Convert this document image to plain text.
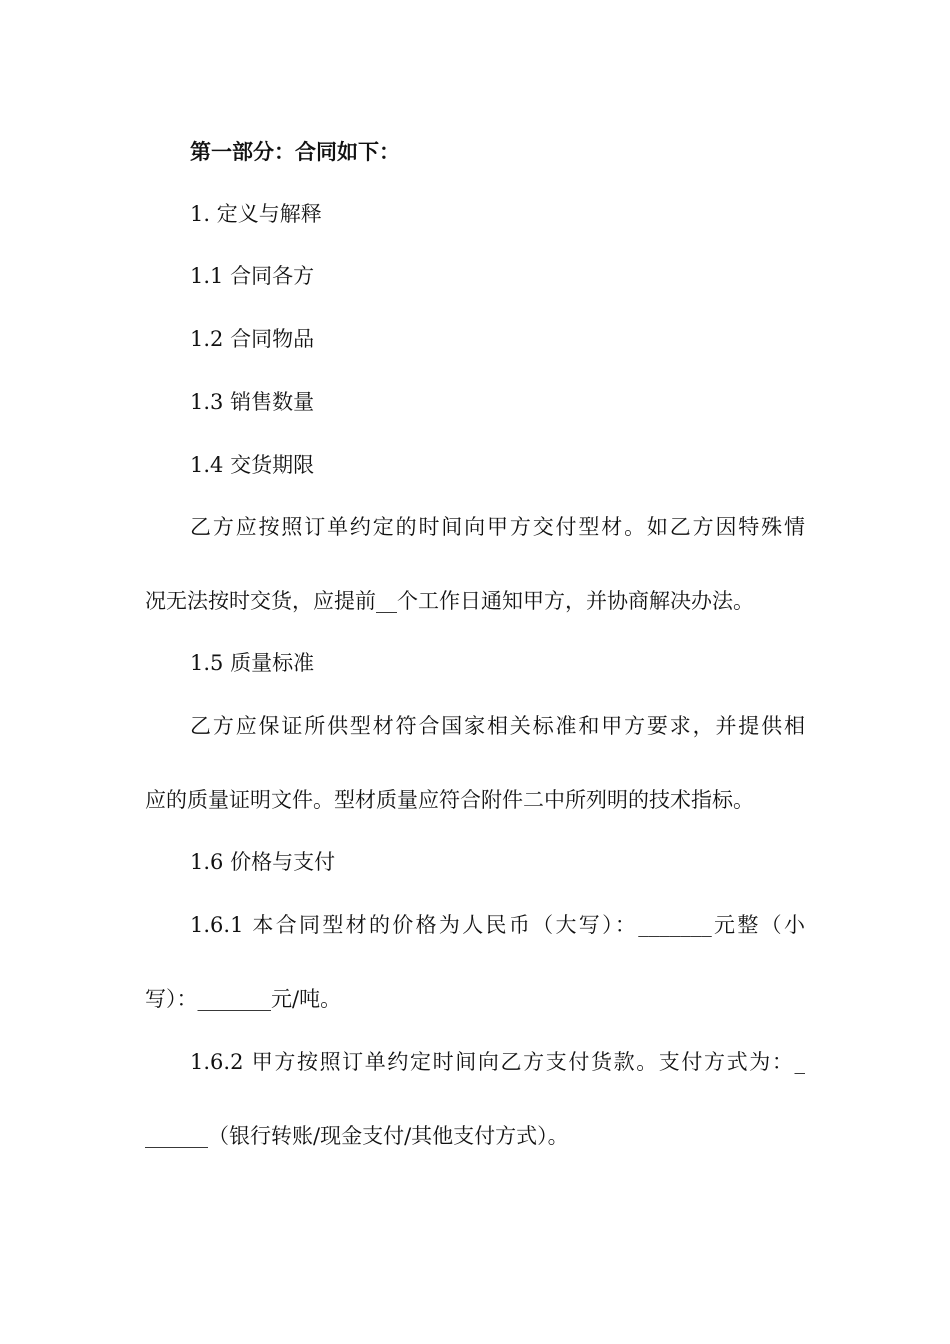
第一部分：合同如下：

1. 定义与解释

1.1 合同各方

1.2 合同物品

1.3 销售数量

1.4 交货期限

乙方应按照订单约定的时间向甲方交付型材。如乙方因特殊情

况无法按时交货，应提前__个工作日通知甲方，并协商解决办法。

1.5 质量标准

乙方应保证所供型材符合国家相关标准和甲方要求，并提供相

应的质量证明文件。型材质量应符合附件二中所列明的技术指标。

1.6 价格与支付

1.6.1 本合同型材的价格为人民币（大写）：_______元整（小

写）：_______元/吨。

1.6.2 甲方按照订单约定时间向乙方支付货款。支付方式为：_

______（银行转账/现金支付/其他支付方式）。
